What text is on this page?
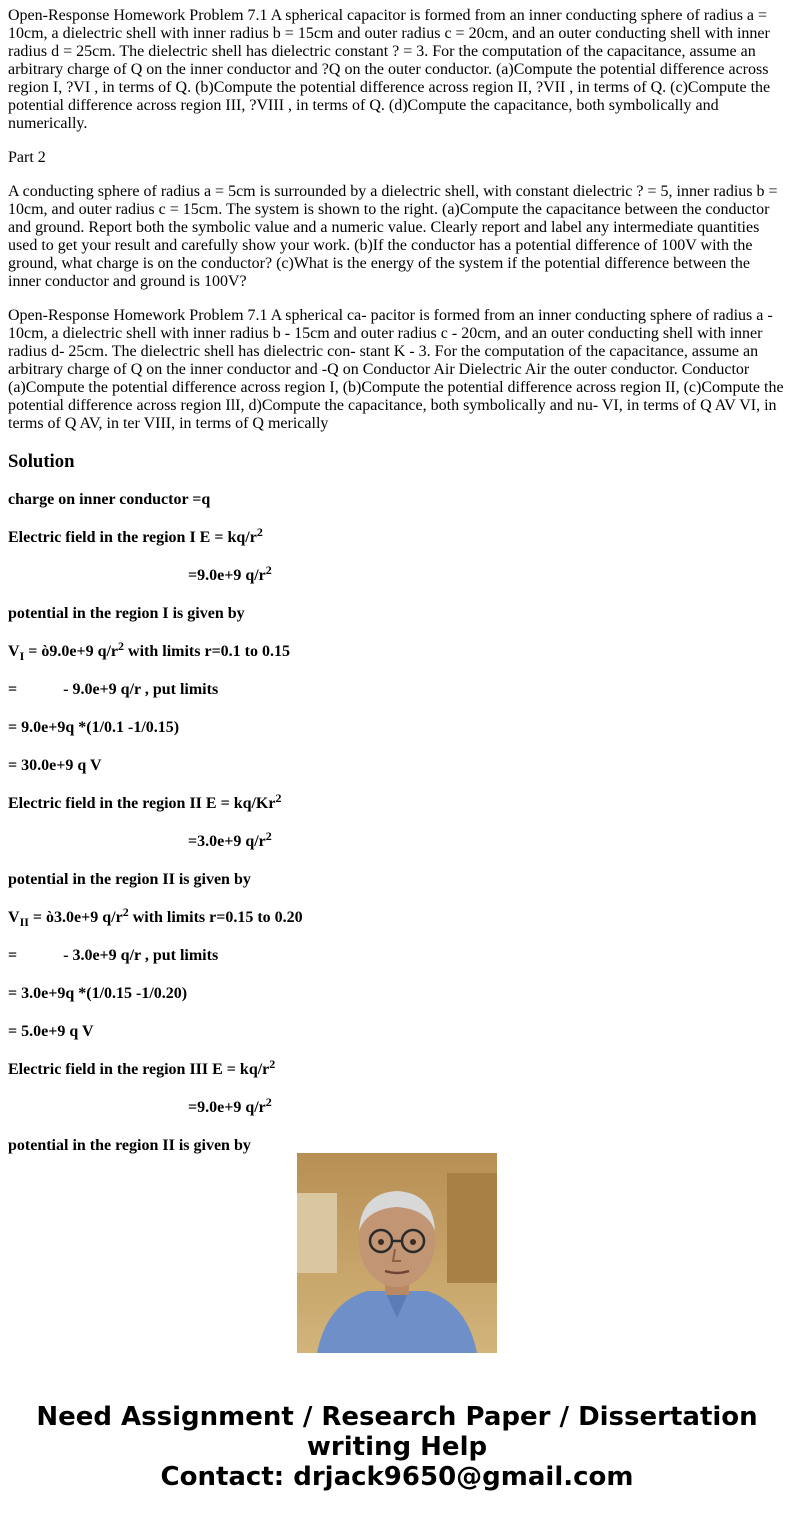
Open-Response Homework Problem 7.1 A spherical capacitor is formed from an inner conducting sphere of radius a = 10cm, a dielectric shell with inner radius b = 15cm and outer radius c = 20cm, and an outer conducting shell with inner radius d = 25cm. The dielectric shell has dielectric constant ? = 3. For the computation of the capacitance, assume an arbitrary charge of Q on the inner conductor and ?Q on the outer conductor. (a)Compute the potential difference across region I, ?VI , in terms of Q. (b)Compute the potential difference across region II, ?VII , in terms of Q. (c)Compute the potential difference across region III, ?VIII , in terms of Q. (d)Compute the capacitance, both symbolically and numerically.

Part 2

A conducting sphere of radius a = 5cm is surrounded by a dielectric shell, with constant dielectric ? = 5, inner radius b = 10cm, and outer radius c = 15cm. The system is shown to the right. (a)Compute the capacitance between the conductor and ground. Report both the symbolic value and a numeric value. Clearly report and label any intermediate quantities used to get your result and carefully show your work. (b)If the conductor has a potential difference of 100V with the ground, what charge is on the conductor? (c)What is the energy of the system if the potential difference between the inner conductor and ground is 100V?

Open-Response Homework Problem 7.1 A spherical ca- pacitor is formed from an inner conducting sphere of radius a - 10cm, a dielectric shell with inner radius b - 15cm and outer radius c - 20cm, and an outer conducting shell with inner radius d- 25cm. The dielectric shell has dielectric con- stant K - 3. For the computation of the capacitance, assume an arbitrary charge of Q on the inner conductor and -Q on Conductor Air Dielectric Air the outer conductor. Conductor (a)Compute the potential difference across region I, (b)Compute the potential difference across region II, (c)Compute the potential difference across region IlI, d)Compute the capacitance, both symbolically and nu- VI, in terms of Q AV VI, in terms of Q AV, in ter VIII, in terms of Q merically

Solution

charge on inner conductor =q

Electric field in the region I $E = kq/r^2$

=9.0e+9 $q/r^2$

potential in the region I is given by

$V_I$ = ò9.0e+9 $q/r^2$ with limits r=0.1 to 0.15

=	- 9.0e+9 q/r , put limits

= 9.0e+9q *(1/0.1 -1/0.15)

= 30.0e+9 q V

Electric field in the region II $E = kq/Kr^2$

=3.0e+9 $q/r^2$

potential in the region II is given by

$V_{II}$ = ò3.0e+9 $q/r^2$ with limits r=0.15 to 0.20

=	- 3.0e+9 q/r , put limits

= 3.0e+9q *(1/0.15 -1/0.20)

= 5.0e+9 q V

Electric field in the region III $E = kq/r^2$

=9.0e+9 $q/r^2$

potential in the region II is given by

Need Assignment / Research Paper / Dissertation
writing Help
Contact: drjack9650@gmail.com
